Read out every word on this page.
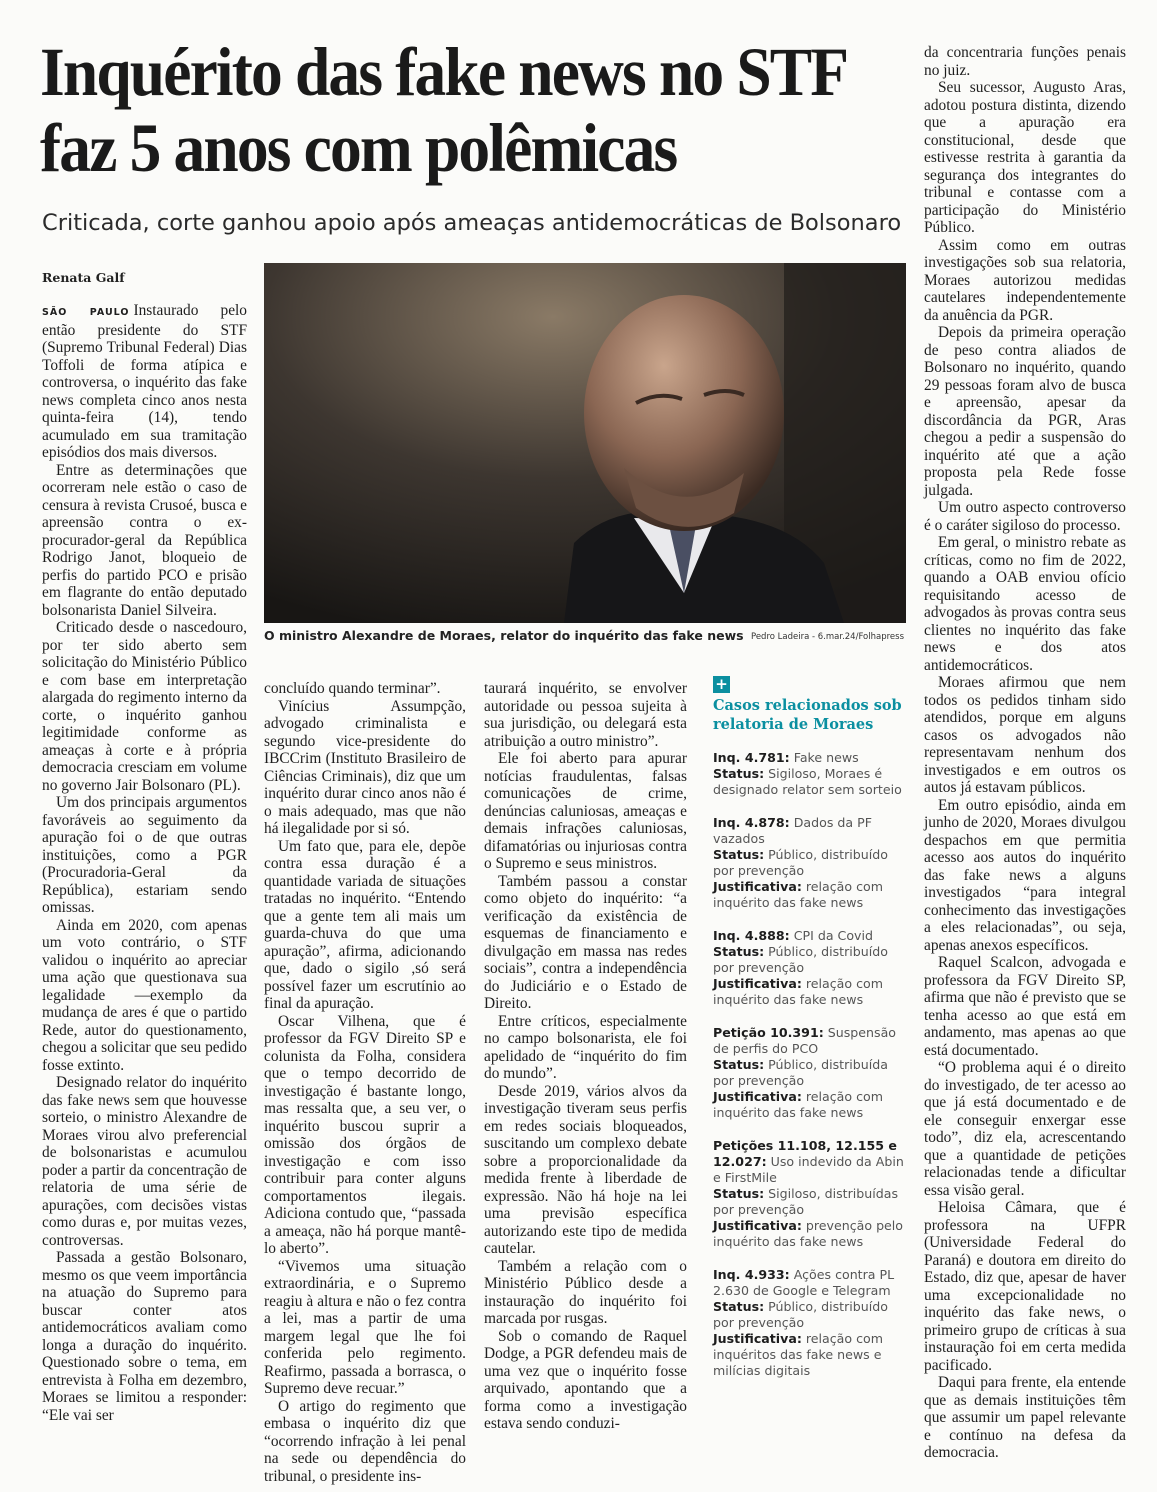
Inquérito das fake news no STF faz 5 anos com polêmicas
Criticada, corte ganhou apoio após ameaças antidemocráticas de Bolsonaro
Renata Galf
O ministro Alexandre de Moraes, relator do inquérito das fake news Pedro Ladeira - 6.mar.24/Folhapress

SÃO PAULO Instaurado pelo então presidente do STF (Supremo Tribunal Federal) Dias Toffoli de forma atípica e controversa, o inquérito das fake news completa cinco anos nesta quinta-feira (14), tendo acumulado em sua tramitação episódios dos mais diversos.

Entre as determinações que ocorreram nele estão o caso de censura à revista Crusoé, busca e apreensão contra o ex-procurador-geral da República Rodrigo Janot, bloqueio de perfis do partido PCO e prisão em flagrante do então deputado bolsonarista Daniel Silveira.

Criticado desde o nascedouro, por ter sido aberto sem solicitação do Ministério Público e com base em interpretação alargada do regimento interno da corte, o inquérito ganhou legitimidade conforme as ameaças à corte e à própria democracia cresciam em volume no governo Jair Bolsonaro (PL).

Um dos principais argumentos favoráveis ao seguimento da apuração foi o de que outras instituições, como a PGR (Procuradoria-Geral da República), estariam sendo omissas.

Ainda em 2020, com apenas um voto contrário, o STF validou o inquérito ao apreciar uma ação que questionava sua legalidade —exemplo da mudança de ares é que o partido Rede, autor do questionamento, chegou a solicitar que seu pedido fosse extinto.

Designado relator do inquérito das fake news sem que houvesse sorteio, o ministro Alexandre de Moraes virou alvo preferencial de bolsonaristas e acumulou poder a partir da concentração de relatoria de uma série de apurações, com decisões vistas como duras e, por muitas vezes, controversas.

Passada a gestão Bolsonaro, mesmo os que veem importância na atuação do Supremo para buscar conter atos antidemocráticos avaliam como longa a duração do inquérito. Questionado sobre o tema, em entrevista à Folha em dezembro, Moraes se limitou a responder: “Ele vai ser

concluído quando terminar”.

Vinícius Assumpção, advogado criminalista e segundo vice-presidente do IBCCrim (Instituto Brasileiro de Ciências Criminais), diz que um inquérito durar cinco anos não é o mais adequado, mas que não há ilegalidade por si só.

Um fato que, para ele, depõe contra essa duração é a quantidade variada de situações tratadas no inquérito. “Entendo que a gente tem ali mais um guarda-chuva do que uma apuração”, afirma, adicionando que, dado o sigilo ,só será possível fazer um escrutínio ao final da apuração.

Oscar Vilhena, que é professor da FGV Direito SP e colunista da Folha, considera que o tempo decorrido de investigação é bastante longo, mas ressalta que, a seu ver, o inquérito buscou suprir a omissão dos órgãos de investigação e com isso contribuir para conter alguns comportamentos ilegais. Adiciona contudo que, “passada a ameaça, não há porque mantê-lo aberto”.

“Vivemos uma situação extraordinária, e o Supremo reagiu à altura e não o fez contra a lei, mas a partir de uma margem legal que lhe foi conferida pelo regimento. Reafirmo, passada a borrasca, o Supremo deve recuar.”

O artigo do regimento que embasa o inquérito diz que “ocorrendo infração à lei penal na sede ou dependência do tribunal, o presidente ins-

taurará inquérito, se envolver autoridade ou pessoa sujeita à sua jurisdição, ou delegará esta atribuição a outro ministro”.

Ele foi aberto para apurar notícias fraudulentas, falsas comunicações de crime, denúncias caluniosas, ameaças e demais infrações caluniosas, difamatórias ou injuriosas contra o Supremo e seus ministros.

Também passou a constar como objeto do inquérito: “a verificação da existência de esquemas de financiamento e divulgação em massa nas redes sociais”, contra a independência do Judiciário e o Estado de Direito.

Entre críticos, especialmente no campo bolsonarista, ele foi apelidado de “inquérito do fim do mundo”.

Desde 2019, vários alvos da investigação tiveram seus perfis em redes sociais bloqueados, suscitando um complexo debate sobre a proporcionalidade da medida frente à liberdade de expressão. Não há hoje na lei uma previsão específica autorizando este tipo de medida cautelar.

Também a relação com o Ministério Público desde a instauração do inquérito foi marcada por rusgas.

Sob o comando de Raquel Dodge, a PGR defendeu mais de uma vez que o inquérito fosse arquivado, apontando que a forma como a investigação estava sendo conduzi-

da concentraria funções penais no juiz.

Seu sucessor, Augusto Aras, adotou postura distinta, dizendo que a apuração era constitucional, desde que estivesse restrita à garantia da segurança dos integrantes do tribunal e contasse com a participação do Ministério Público.

Assim como em outras investigações sob sua relatoria, Moraes autorizou medidas cautelares independentemente da anuência da PGR.

Depois da primeira operação de peso contra aliados de Bolsonaro no inquérito, quando 29 pessoas foram alvo de busca e apreensão, apesar da discordância da PGR, Aras chegou a pedir a suspensão do inquérito até que a ação proposta pela Rede fosse julgada.

Um outro aspecto controverso é o caráter sigiloso do processo.

Em geral, o ministro rebate as críticas, como no fim de 2022, quando a OAB enviou ofício requisitando acesso de advogados às provas contra seus clientes no inquérito das fake news e dos atos antidemocráticos.

Moraes afirmou que nem todos os pedidos tinham sido atendidos, porque em alguns casos os advogados não representavam nenhum dos investigados e em outros os autos já estavam públicos.

Em outro episódio, ainda em junho de 2020, Moraes divulgou despachos em que permitia acesso aos autos do inquérito das fake news a alguns investigados “para integral conhecimento das investigações a eles relacionadas”, ou seja, apenas anexos específicos.

Raquel Scalcon, advogada e professora da FGV Direito SP, afirma que não é previsto que se tenha acesso ao que está em andamento, mas apenas ao que está documentado.

“O problema aqui é o direito do investigado, de ter acesso ao que já está documentado e de ele conseguir enxergar esse todo”, diz ela, acrescentando que a quantidade de petições relacionadas tende a dificultar essa visão geral.

Heloisa Câmara, que é professora na UFPR (Universidade Federal do Paraná) e doutora em direito do Estado, diz que, apesar de haver uma excepcionalidade no inquérito das fake news, o primeiro grupo de críticas à sua instauração foi em certa medida pacificado.

Daqui para frente, ela entende que as demais instituições têm que assumir um papel relevante e contínuo na defesa da democracia.

+
Casos relacionados sob relatoria de Moraes
Inq. 4.781: Fake news
Status: Sigiloso, Moraes é designado relator sem sorteio
Inq. 4.878: Dados da PF vazados
Status: Público, distribuído por prevenção
Justificativa: relação com inquérito das fake news
Inq. 4.888: CPI da Covid
Status: Público, distribuído por prevenção
Justificativa: relação com inquérito das fake news
Petição 10.391: Suspensão de perfis do PCO
Status: Público, distribuída por prevenção
Justificativa: relação com inquérito das fake news
Petições 11.108, 12.155 e 12.027: Uso indevido da Abin e FirstMile
Status: Sigiloso, distribuídas por prevenção
Justificativa: prevenção pelo inquérito das fake news
Inq. 4.933: Ações contra PL 2.630 de Google e Telegram
Status: Público, distribuído por prevenção
Justificativa: relação com inquéritos das fake news e milícias digitais
